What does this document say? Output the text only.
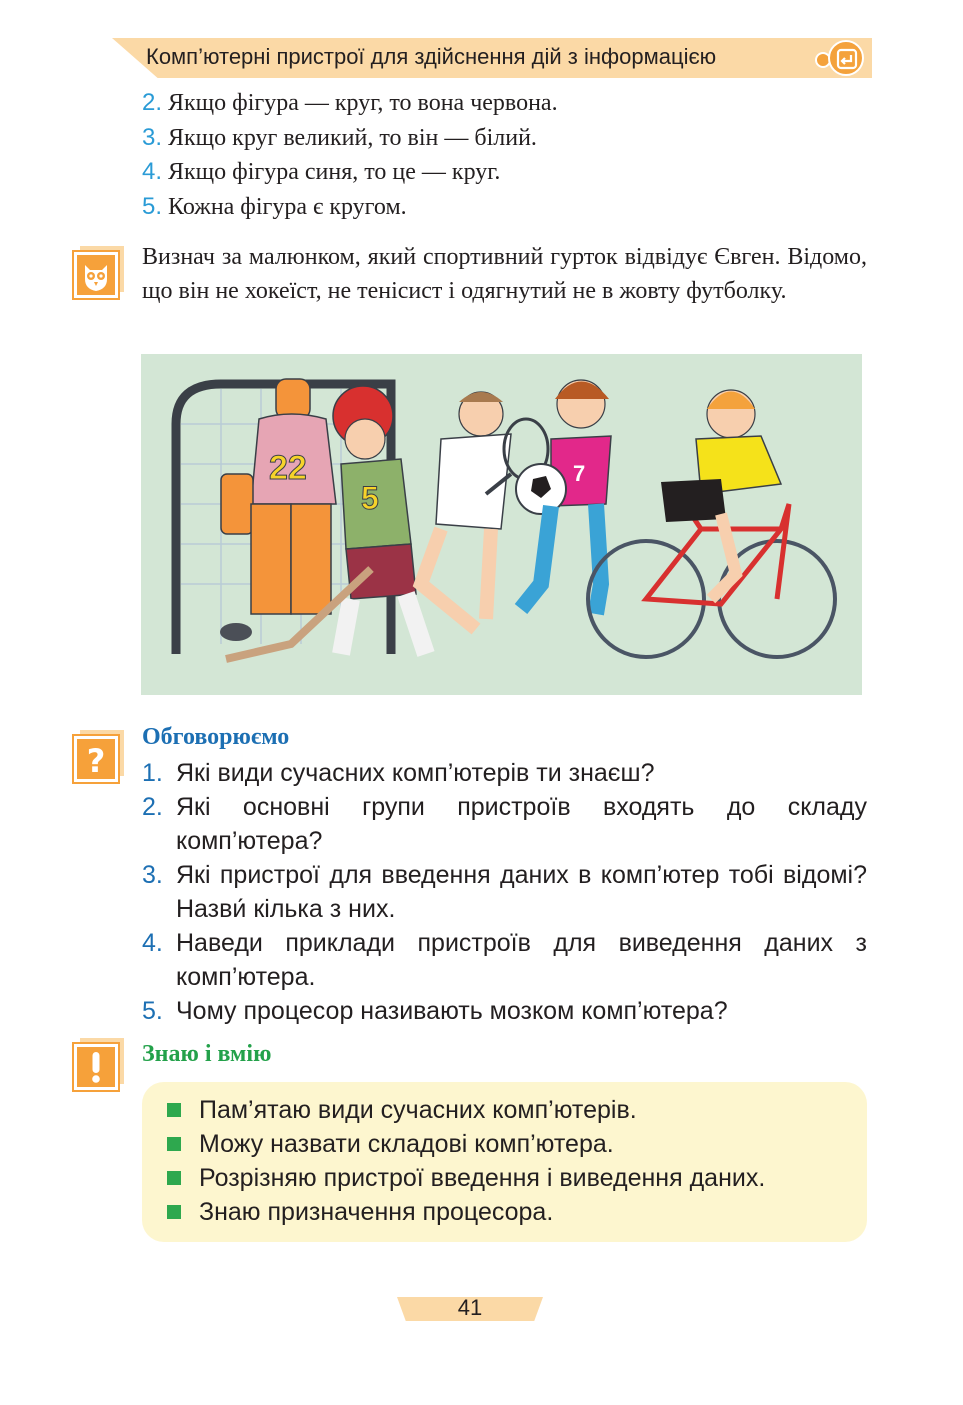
Комп’ютерні пристрої для здійснення дій з інформацією
2. Якщо фігура — круг, то вона червона.
3. Якщо круг великий, то він — білий.
4. Якщо фігура синя, то це — круг.
5. Кожна фігура є кругом.
Визнач за малюнком, який спортивний гурток відвідує Євген. Відомо, що він не хокеїст, не тенісист і одягнутий не в жовту футболку.
22
5
7
?
Обговорюємо
1. Які види сучасних комп’ютерів ти знаєш?
2. Які основні групи пристроїв входять до складу комп’ютера?
3. Які пристрої для введення даних в комп’ютер тобі відомі? Назви́ кілька з них.
4. Наведи приклади пристроїв для виведення даних з комп’ютера.
5. Чому процесор називають мозком комп’ютера?
Знаю і вмію
Пам’ятаю види сучасних комп’ютерів.
Можу назвати складові комп’ютера.
Розрізняю пристрої введення і виведення даних.
Знаю призначення процесора.
41
